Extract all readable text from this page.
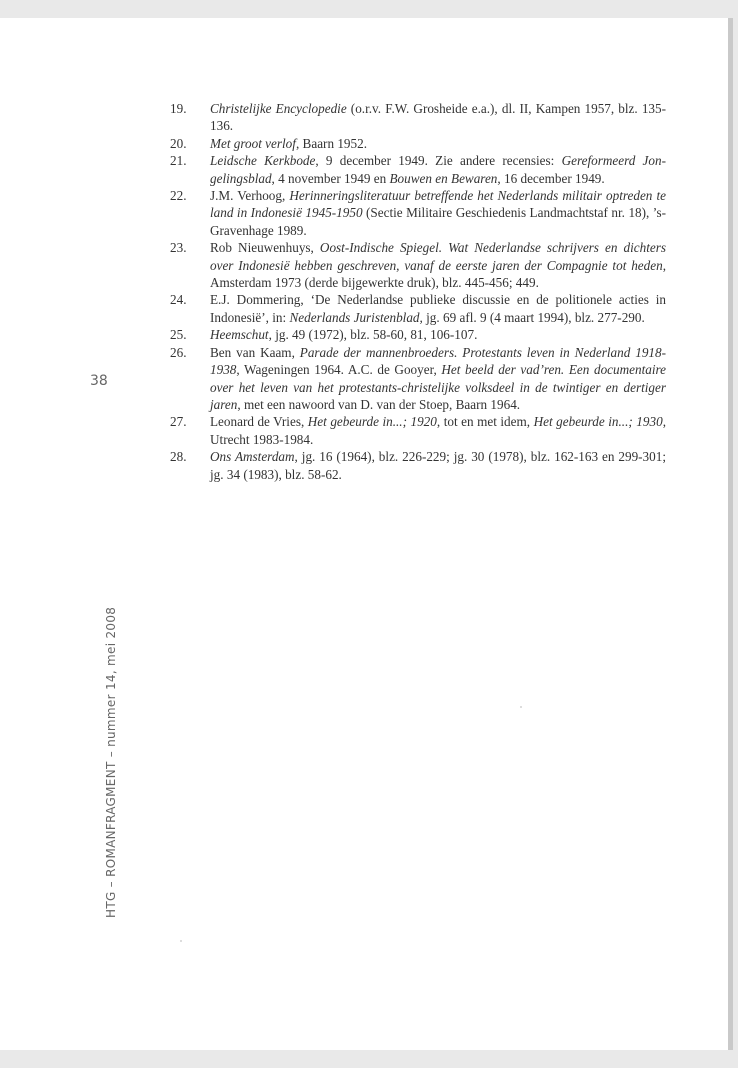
38
HTG – ROMANFRAGMENT – nummer 14, mei 2008
19.	Christelijke Encyclopedie (o.r.v. F.W. Grosheide e.a.), dl. II, Kampen 1957, blz. 135-136.
20.	Met groot verlof, Baarn 1952.
21.	Leidsche Kerkbode, 9 december 1949. Zie andere recensies: Gereformeerd Jongelingsblad, 4 november 1949 en Bouwen en Bewaren, 16 december 1949.
22.	J.M. Verhoog, Herinneringsliteratuur betreffende het Nederlands militair optreden te land in Indonesië 1945-1950 (Sectie Militaire Geschiedenis Landmachtstaf nr. 18), ’s-Gravenhage 1989.
23.	Rob Nieuwenhuys, Oost-Indische Spiegel. Wat Nederlandse schrijvers en dichters over Indonesië hebben geschreven, vanaf de eerste jaren der Compagnie tot heden, Amsterdam 1973 (derde bijgewerkte druk), blz. 445-456; 449.
24.	E.J. Dommering, ‘De Nederlandse publieke discussie en de politionele acties in Indonesië’, in: Nederlands Juristenblad, jg. 69 afl. 9 (4 maart 1994), blz. 277-290.
25.	Heemschut, jg. 49 (1972), blz. 58-60, 81, 106-107.
26.	Ben van Kaam, Parade der mannenbroeders. Protestants leven in Nederland 1918-1938, Wageningen 1964. A.C. de Gooyer, Het beeld der vad’ren. Een documentaire over het leven van het protestants-christelijke volksdeel in de twintiger en dertiger jaren, met een nawoord van D. van der Stoep, Baarn 1964.
27.	Leonard de Vries, Het gebeurde in...; 1920, tot en met idem, Het gebeurde in...; 1930, Utrecht 1983-1984.
28.	Ons Amsterdam, jg. 16 (1964), blz. 226-229; jg. 30 (1978), blz. 162-163 en 299-301; jg. 34 (1983), blz. 58-62.
